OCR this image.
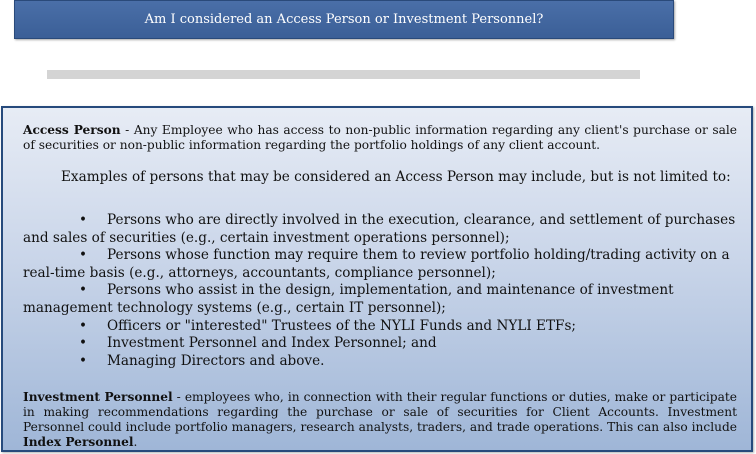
Am I considered an Access Person or Investment Personnel?

Access Person - Any Employee who has access to non-public information regarding any client's purchase or sale of securities or non-public information regarding the portfolio holdings of any client account.

Examples of persons that may be considered an Access Person may include, but is not limited to:

• Persons who are directly involved in the execution, clearance, and settlement of purchases and sales of securities (e.g., certain investment operations personnel);
• Persons whose function may require them to review portfolio holding/trading activity on a real-time basis (e.g., attorneys, accountants, compliance personnel);
• Persons who assist in the design, implementation, and maintenance of investment management technology systems (e.g., certain IT personnel);
• Officers or "interested" Trustees of the NYLI Funds and NYLI ETFs;
• Investment Personnel and Index Personnel; and
• Managing Directors and above.

Investment Personnel - employees who, in connection with their regular functions or duties, make or participate in making recommendations regarding the purchase or sale of securities for Client Accounts. Investment Personnel could include portfolio managers, research analysts, traders, and trade operations. This can also include Index Personnel.
